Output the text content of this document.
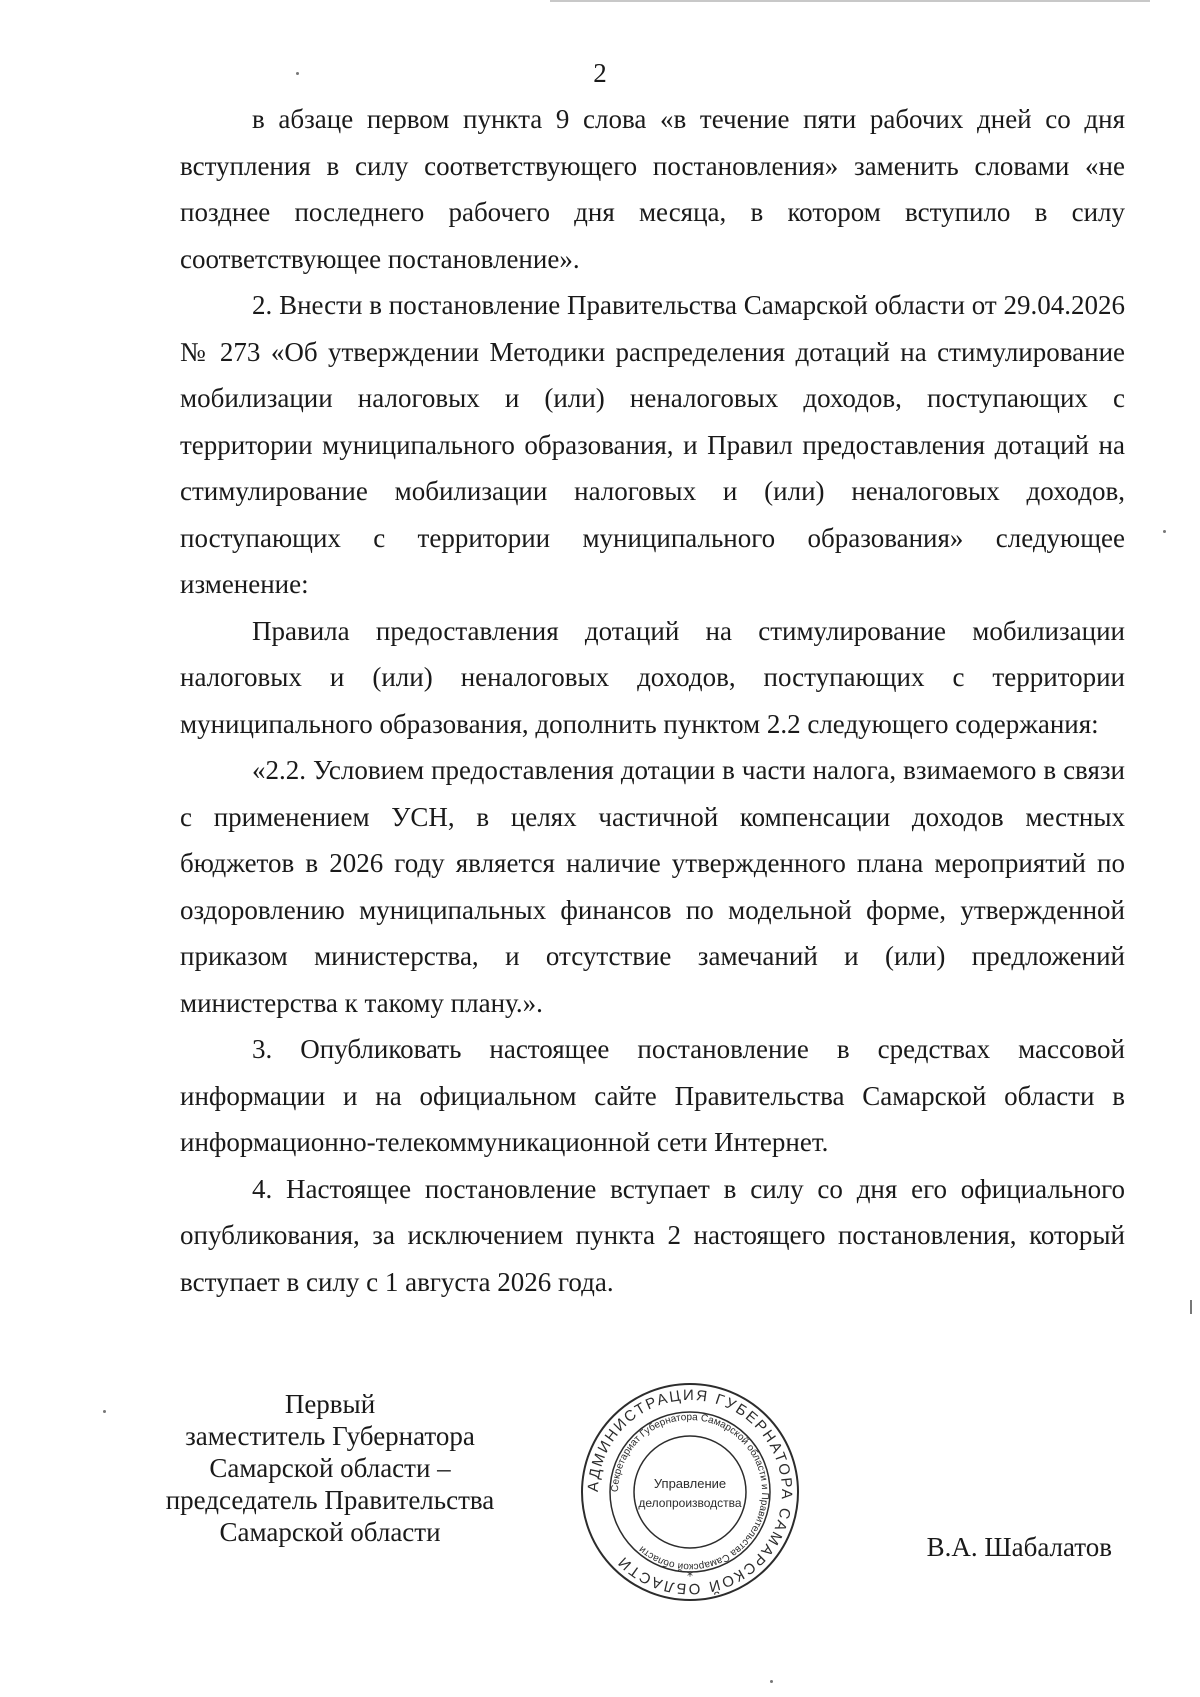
2

в абзаце первом пункта 9 слова «в течение пяти рабочих дней со дня вступления в силу соответствующего постановления» заменить словами «не позднее последнего рабочего дня месяца, в котором вступило в силу соответствующее постановление».

2. Внести в постановление Правительства Самарской области от 29.04.2026 № 273 «Об утверждении Методики распределения дотаций на стимулирование мобилизации налоговых и (или) неналоговых доходов, поступающих с территории муниципального образования, и Правил предоставления дотаций на стимулирование мобилизации налоговых и (или) неналоговых доходов, поступающих с территории муниципального образования» следующее изменение:

Правила предоставления дотаций на стимулирование мобилизации налоговых и (или) неналоговых доходов, поступающих с территории муниципального образования, дополнить пунктом 2.2 следующего содержания:

«2.2. Условием предоставления дотации в части налога, взимаемого в связи с применением УСН, в целях частичной компенсации доходов местных бюджетов в 2026 году является наличие утвержденного плана мероприятий по оздоровлению муниципальных финансов по модельной форме, утвержденной приказом министерства, и отсутствие замечаний и (или) предложений министерства к такому плану.».

3. Опубликовать настоящее постановление в средствах массовой информации и на официальном сайте Правительства Самарской области в информационно-телекоммуникационной сети Интернет.

4. Настоящее постановление вступает в силу со дня его официального опубликования, за исключением пункта 2 настоящего постановления, который вступает в силу с 1 августа 2026 года.

Первый
заместитель Губернатора
Самарской области –
председатель Правительства
Самарской области
АДМИНИСТРАЦИЯ ГУБЕРНАТОРА САМАРСКОЙ ОБЛАСТИ
Секретариат Губернатора Самарской области и Правительства Самарской области
Управление
делопроизводства
*
В.А. Шабалатов
